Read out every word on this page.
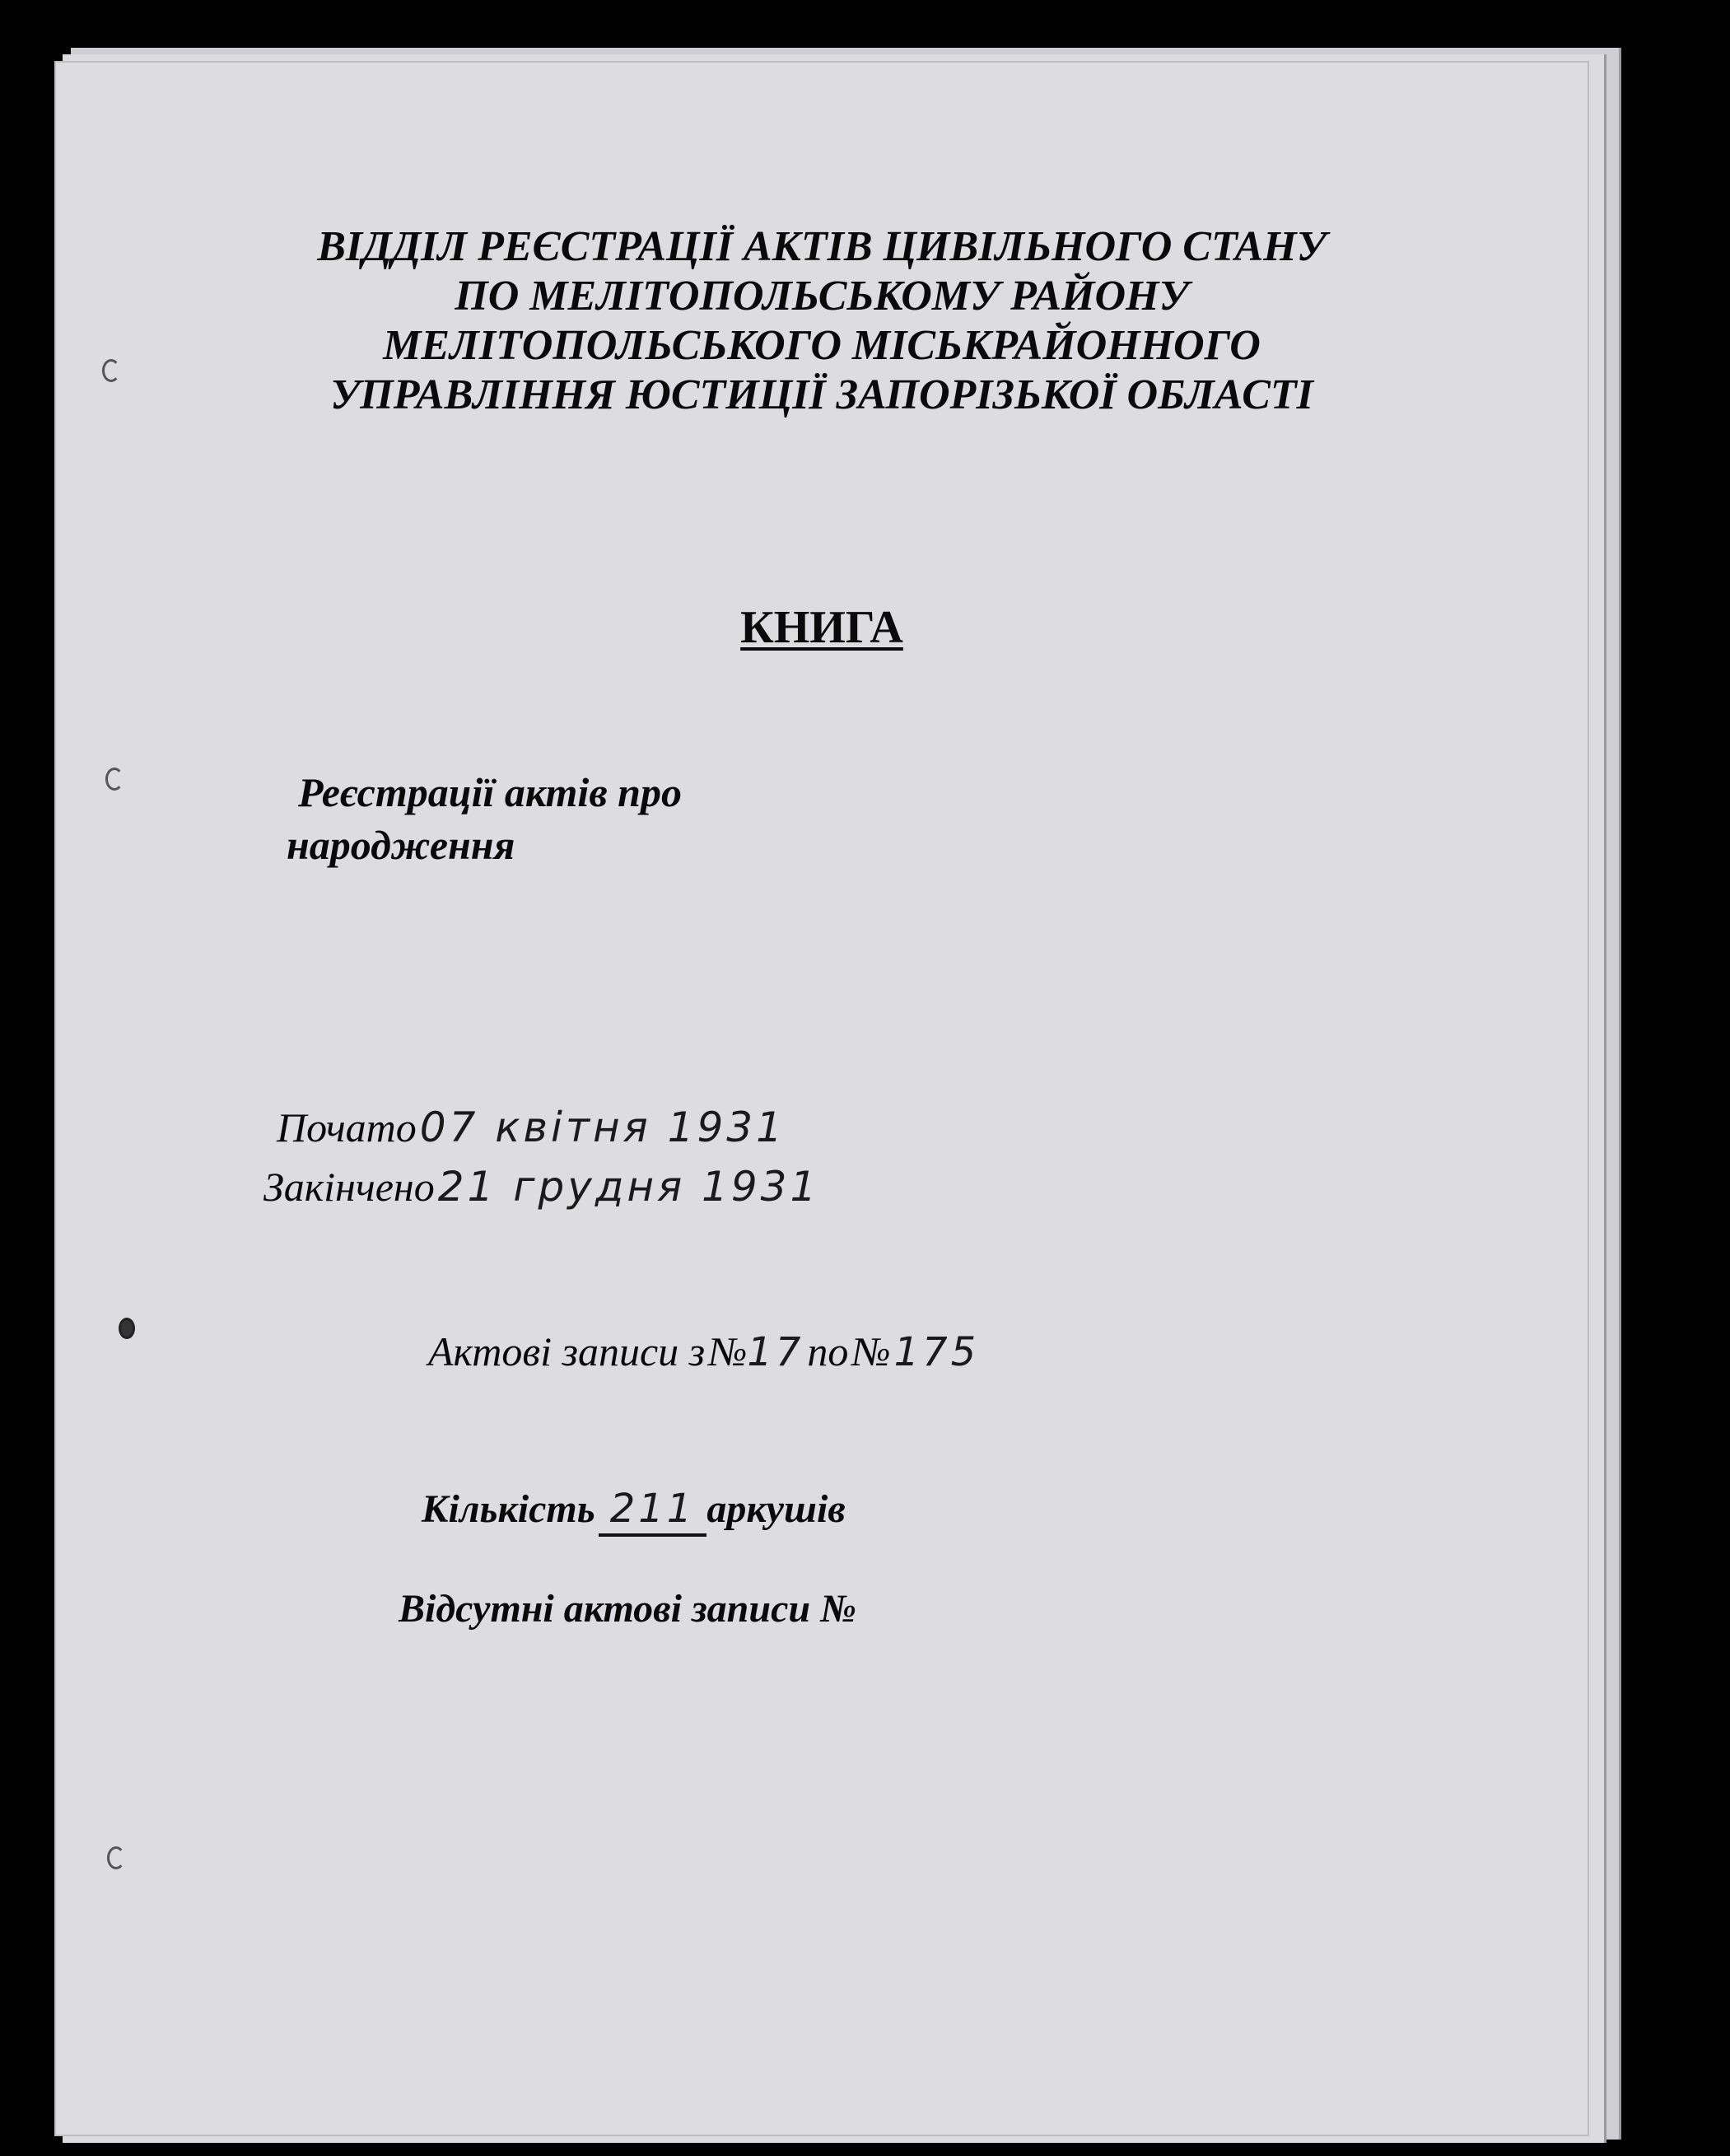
ВІДДІЛ РЕЄСТРАЦІЇ АКТІВ ЦИВІЛЬНОГО СТАНУ
ПО МЕЛІТОПОЛЬСЬКОМУ РАЙОНУ
МЕЛІТОПОЛЬСЬКОГО МІСЬКРАЙОННОГО
УПРАВЛІННЯ ЮСТИЦІЇ ЗАПОРІЗЬКОЇ ОБЛАСТІ
КНИГА
Реєстрації актів про
народження
Почато 07 квітня 1931
Закінчено 21 грудня 1931
Актові записи з №17 по № 175
Кількість 211 аркушів
Відсутні актові записи №
